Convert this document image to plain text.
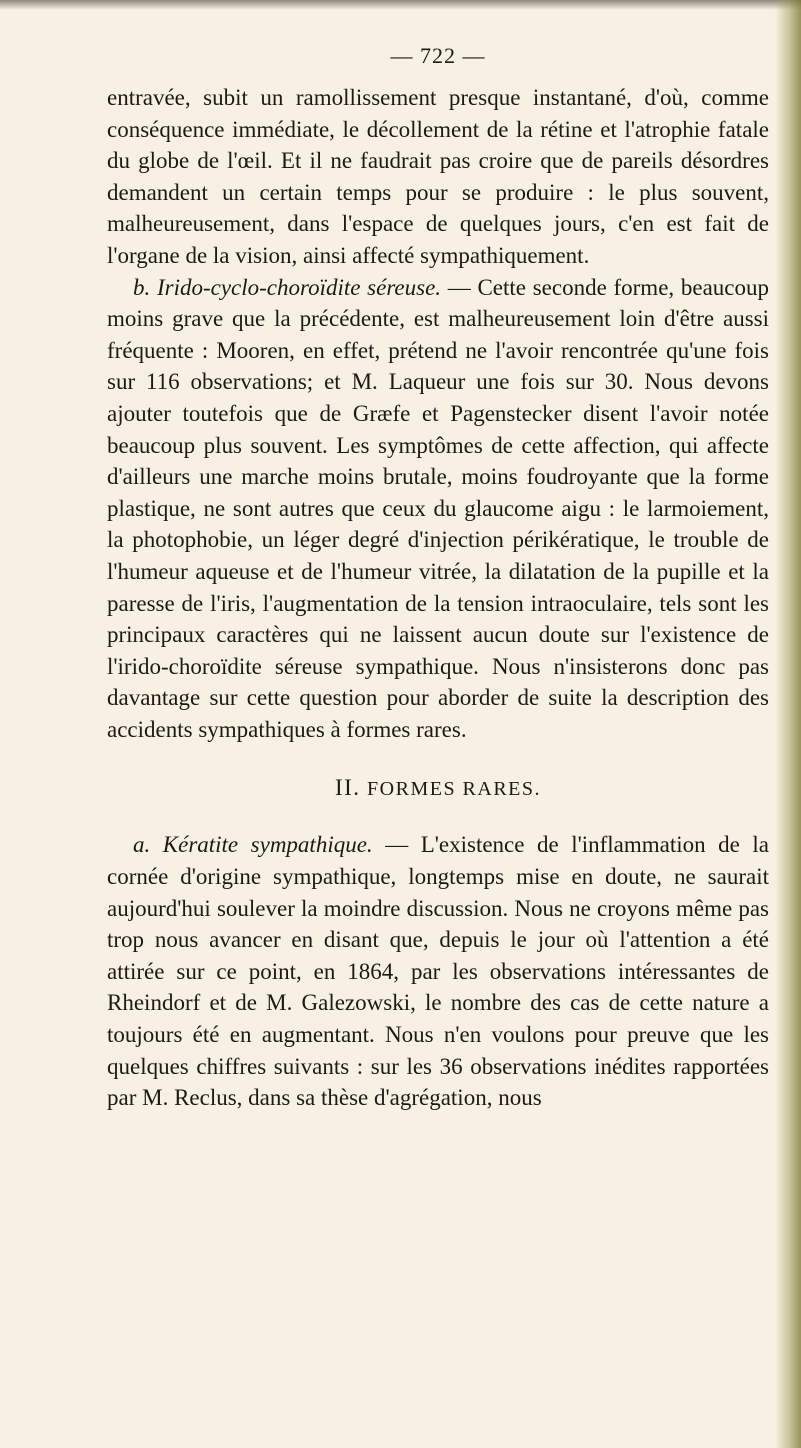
— 722 —

entravée, subit un ramollissement presque instantané, d'où, comme conséquence immédiate, le décollement de la rétine et l'atrophie fatale du globe de l'œil. Et il ne faudrait pas croire que de pareils désordres demandent un certain temps pour se produire : le plus souvent, malheureusement, dans l'espace de quelques jours, c'en est fait de l'organe de la vision, ainsi affecté sympathiquement.

b. Irido-cyclo-choroïdite séreuse. — Cette seconde forme, beaucoup moins grave que la précédente, est malheureusement loin d'être aussi fréquente : Mooren, en effet, prétend ne l'avoir rencontrée qu'une fois sur 116 observations; et M. Laqueur une fois sur 30. Nous devons ajouter toutefois que de Græfe et Pagenstecker disent l'avoir notée beaucoup plus souvent. Les symptômes de cette affection, qui affecte d'ailleurs une marche moins brutale, moins foudroyante que la forme plastique, ne sont autres que ceux du glaucome aigu : le larmoiement, la photophobie, un léger degré d'injection périkératique, le trouble de l'humeur aqueuse et de l'humeur vitrée, la dilatation de la pupille et la paresse de l'iris, l'augmentation de la tension intraoculaire, tels sont les principaux caractères qui ne laissent aucun doute sur l'existence de l'irido-choroïdite séreuse sympathique. Nous n'insisterons donc pas davantage sur cette question pour aborder de suite la description des accidents sympathiques à formes rares.

II. FORMES RARES.

a. Kératite sympathique. — L'existence de l'inflammation de la cornée d'origine sympathique, longtemps mise en doute, ne saurait aujourd'hui soulever la moindre discussion. Nous ne croyons même pas trop nous avancer en disant que, depuis le jour où l'attention a été attirée sur ce point, en 1864, par les observations intéressantes de Rheindorf et de M. Galezowski, le nombre des cas de cette nature a toujours été en augmentant. Nous n'en voulons pour preuve que les quelques chiffres suivants : sur les 36 observations inédites rapportées par M. Reclus, dans sa thèse d'agrégation, nous
